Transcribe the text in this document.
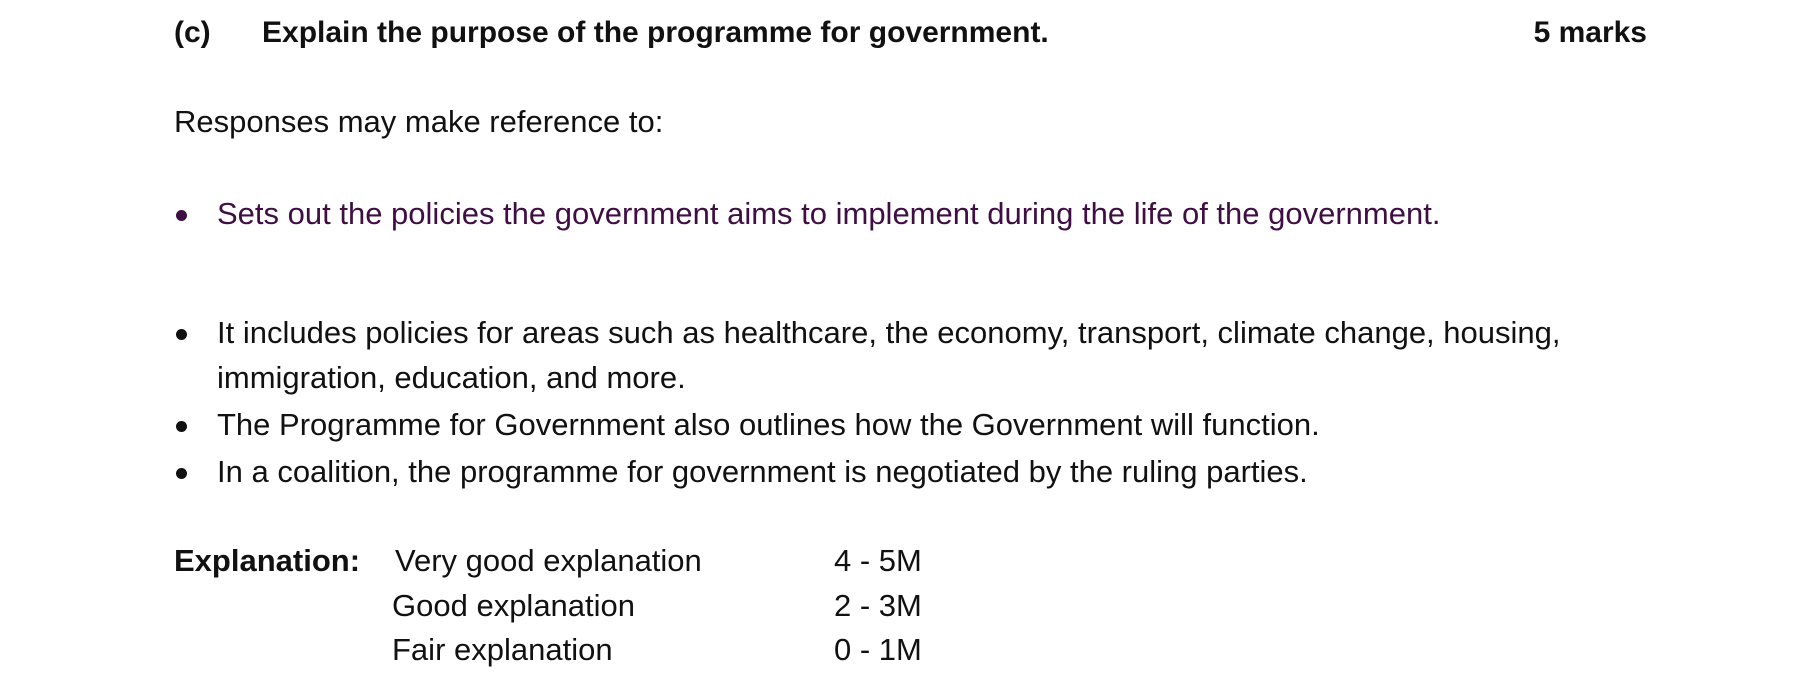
(c) Explain the purpose of the programme for government.	5 marks
Responses may make reference to:
Sets out the policies the government aims to implement during the life of the government.
It includes policies for areas such as healthcare, the economy, transport, climate change, housing, immigration, education, and more.
The Programme for Government also outlines how the Government will function.
In a coalition, the programme for government is negotiated by the ruling parties.
Explanation: Very good explanation	4 - 5M
Good explanation	2 - 3M
Fair explanation	0 - 1M
